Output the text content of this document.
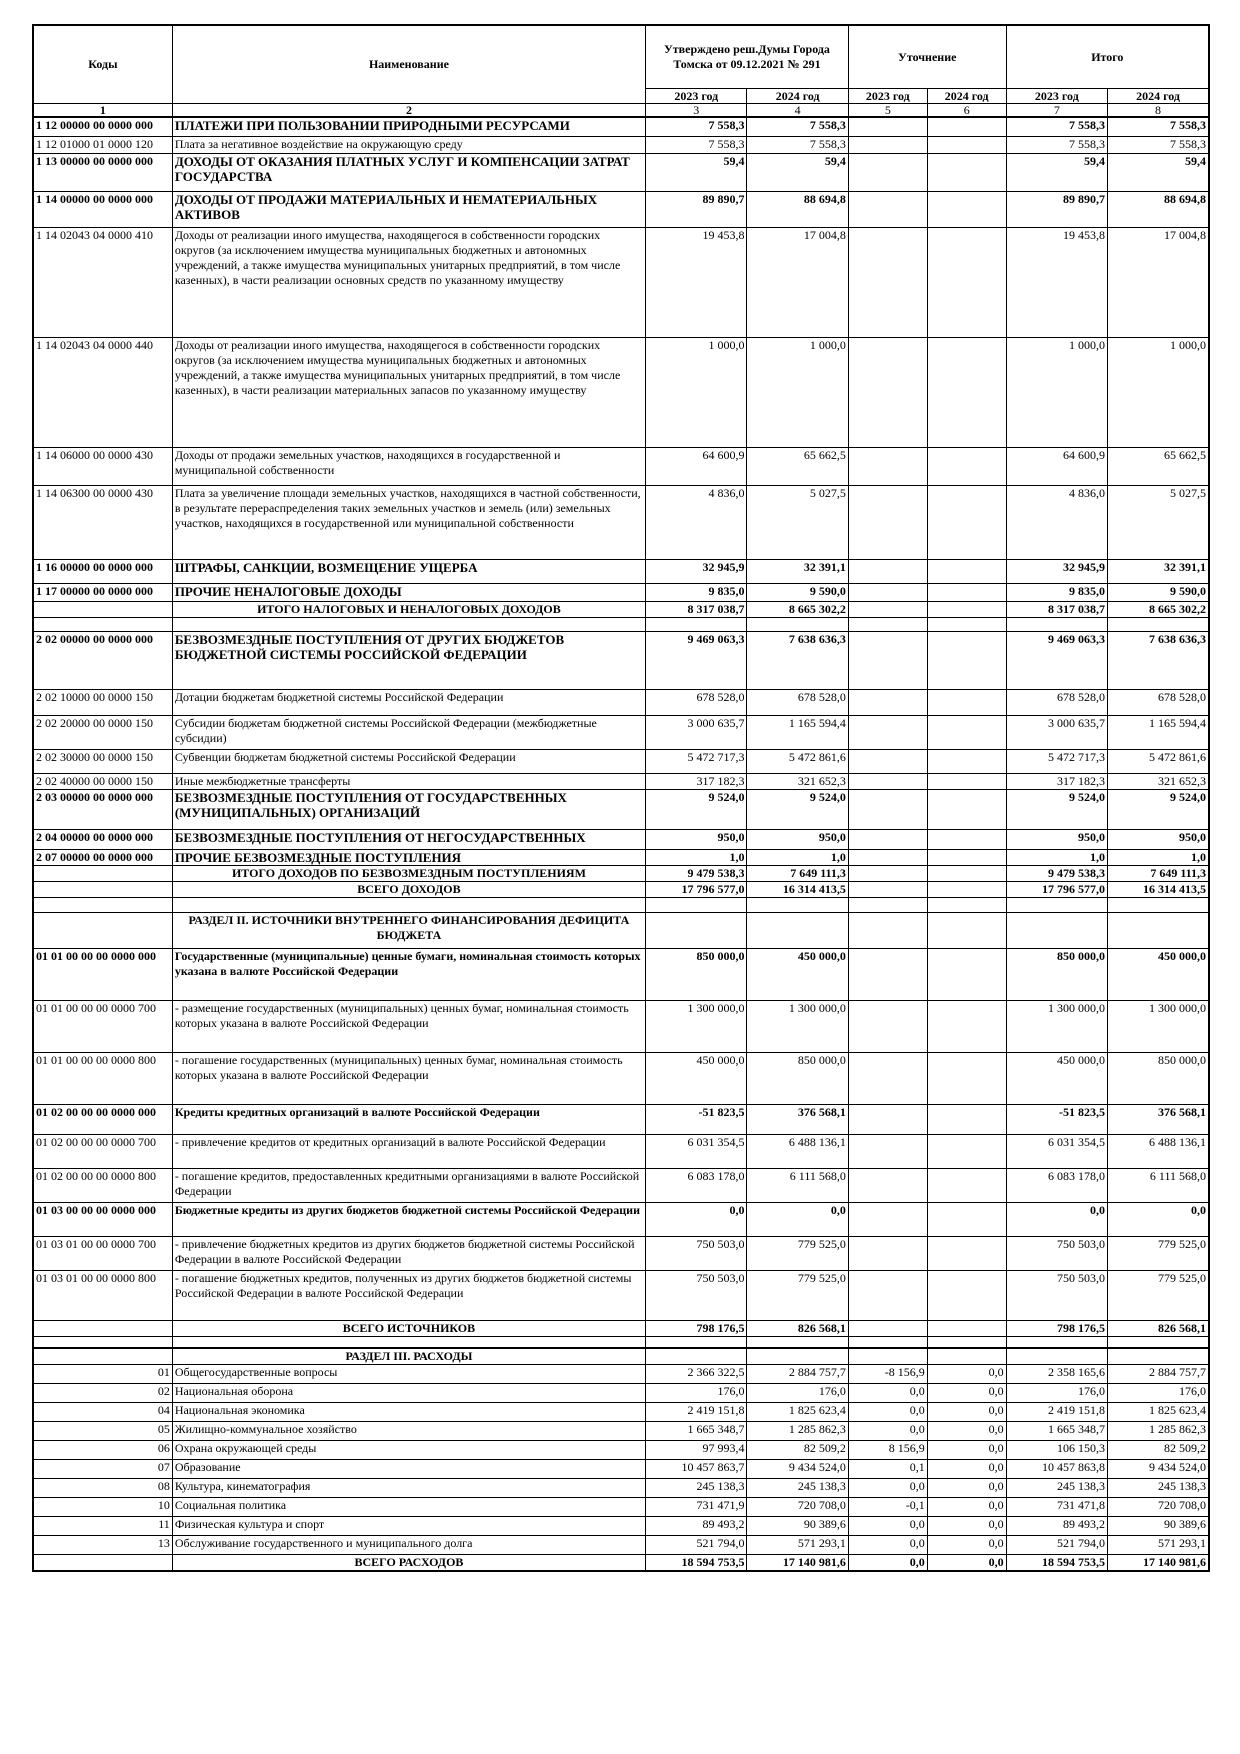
Коды	Наименование	Утверждено реш.Думы Города Томска от 09.12.2021 № 291		Уточнение		Итого	
		2023 год	2024 год	2023 год	2024 год	2023 год	2024 год
1	2	3	4	5	6	7	8
1 12 00000 00 0000 000	ПЛАТЕЖИ ПРИ ПОЛЬЗОВАНИИ ПРИРОДНЫМИ РЕСУРСАМИ	7 558,3	7 558,3			7 558,3	7 558,3
1 12 01000 01 0000 120	Плата за негативное воздействие на окружающую среду	7 558,3	7 558,3			7 558,3	7 558,3
1 13 00000 00 0000 000	ДОХОДЫ ОТ ОКАЗАНИЯ ПЛАТНЫХ УСЛУГ И КОМПЕНСАЦИИ ЗАТРАТ ГОСУДАРСТВА	59,4	59,4			59,4	59,4
1 14 00000 00 0000 000	ДОХОДЫ ОТ ПРОДАЖИ МАТЕРИАЛЬНЫХ И НЕМАТЕРИАЛЬНЫХ АКТИВОВ	89 890,7	88 694,8			89 890,7	88 694,8
1 14 02043 04 0000 410	Доходы от реализации иного имущества, находящегося в собственности городских округов (за исключением имущества муниципальных бюджетных и автономных учреждений, а также имущества муниципальных унитарных предприятий, в том числе казенных), в части реализации основных средств по указанному имуществу	19 453,8	17 004,8			19 453,8	17 004,8
1 14 02043 04 0000 440	Доходы от реализации иного имущества, находящегося в собственности городских округов (за исключением имущества муниципальных бюджетных и автономных учреждений, а также имущества муниципальных унитарных предприятий, в том числе казенных), в части реализации материальных запасов по указанному имуществу	1 000,0	1 000,0			1 000,0	1 000,0
1 14 06000 00 0000 430	Доходы от продажи земельных участков, находящихся в государственной и муниципальной собственности	64 600,9	65 662,5			64 600,9	65 662,5
1 14 06300 00 0000 430	Плата за увеличение площади земельных участков, находящихся в частной собственности, в результате перераспределения таких земельных участков и земель (или) земельных участков, находящихся в государственной или муниципальной собственности	4 836,0	5 027,5			4 836,0	5 027,5
1 16 00000 00 0000 000	ШТРАФЫ, САНКЦИИ, ВОЗМЕЩЕНИЕ УЩЕРБА	32 945,9	32 391,1			32 945,9	32 391,1
1 17 00000 00 0000 000	ПРОЧИЕ НЕНАЛОГОВЫЕ ДОХОДЫ	9 835,0	9 590,0			9 835,0	9 590,0
	ИТОГО НАЛОГОВЫХ И НЕНАЛОГОВЫХ ДОХОДОВ	8 317 038,7	8 665 302,2			8 317 038,7	8 665 302,2

2 02 00000 00 0000 000	БЕЗВОЗМЕЗДНЫЕ ПОСТУПЛЕНИЯ ОТ ДРУГИХ БЮДЖЕТОВ БЮДЖЕТНОЙ СИСТЕМЫ РОССИЙСКОЙ ФЕДЕРАЦИИ	9 469 063,3	7 638 636,3			9 469 063,3	7 638 636,3
2 02 10000 00 0000 150	Дотации бюджетам бюджетной системы Российской Федерации	678 528,0	678 528,0			678 528,0	678 528,0
2 02 20000 00 0000 150	Субсидии бюджетам бюджетной системы Российской Федерации (межбюджетные субсидии)	3 000 635,7	1 165 594,4			3 000 635,7	1 165 594,4
2 02 30000 00 0000 150	Субвенции бюджетам бюджетной системы Российской Федерации	5 472 717,3	5 472 861,6			5 472 717,3	5 472 861,6
2 02 40000 00 0000 150	Иные межбюджетные трансферты	317 182,3	321 652,3			317 182,3	321 652,3
2 03 00000 00 0000 000	БЕЗВОЗМЕЗДНЫЕ ПОСТУПЛЕНИЯ ОТ ГОСУДАРСТВЕННЫХ (МУНИЦИПАЛЬНЫХ) ОРГАНИЗАЦИЙ	9 524,0	9 524,0			9 524,0	9 524,0
2 04 00000 00 0000 000	БЕЗВОЗМЕЗДНЫЕ ПОСТУПЛЕНИЯ ОТ НЕГОСУДАРСТВЕННЫХ	950,0	950,0			950,0	950,0
2 07 00000 00 0000 000	ПРОЧИЕ БЕЗВОЗМЕЗДНЫЕ ПОСТУПЛЕНИЯ	1,0	1,0			1,0	1,0
	ИТОГО ДОХОДОВ ПО БЕЗВОЗМЕЗДНЫМ ПОСТУПЛЕНИЯМ	9 479 538,3	7 649 111,3			9 479 538,3	7 649 111,3
	ВСЕГО ДОХОДОВ	17 796 577,0	16 314 413,5			17 796 577,0	16 314 413,5

	РАЗДЕЛ II. ИСТОЧНИКИ ВНУТРЕННЕГО ФИНАНСИРОВАНИЯ ДЕФИЦИТА БЮДЖЕТА						
01 01 00 00 00 0000 000	Государственные (муниципальные) ценные бумаги, номинальная стоимость которых указана в валюте Российской Федерации	850 000,0	450 000,0			850 000,0	450 000,0
01 01 00 00 00 0000 700	- размещение государственных (муниципальных) ценных бумаг, номинальная стоимость которых указана в валюте Российской Федерации	1 300 000,0	1 300 000,0			1 300 000,0	1 300 000,0
01 01 00 00 00 0000 800	- погашение государственных (муниципальных) ценных бумаг, номинальная стоимость которых указана в валюте Российской Федерации	450 000,0	850 000,0			450 000,0	850 000,0
01 02 00 00 00 0000 000	Кредиты кредитных организаций в валюте Российской Федерации	-51 823,5	376 568,1			-51 823,5	376 568,1
01 02 00 00 00 0000 700	- привлечение кредитов от кредитных организаций в валюте Российской Федерации	6 031 354,5	6 488 136,1			6 031 354,5	6 488 136,1
01 02 00 00 00 0000 800	- погашение кредитов, предоставленных кредитными организациями в валюте Российской Федерации	6 083 178,0	6 111 568,0			6 083 178,0	6 111 568,0
01 03 00 00 00 0000 000	Бюджетные кредиты из других бюджетов бюджетной системы Российской Федерации	0,0	0,0			0,0	0,0
01 03 01 00 00 0000 700	- привлечение бюджетных кредитов из других бюджетов бюджетной системы Российской Федерации в валюте Российской Федерации	750 503,0	779 525,0			750 503,0	779 525,0
01 03 01 00 00 0000 800	- погашение бюджетных кредитов, полученных из других бюджетов бюджетной системы Российской Федерации в валюте Российской Федерации	750 503,0	779 525,0			750 503,0	779 525,0
	ВСЕГО ИСТОЧНИКОВ	798 176,5	826 568,1			798 176,5	826 568,1

	РАЗДЕЛ III. РАСХОДЫ						
01	Общегосударственные вопросы	2 366 322,5	2 884 757,7	-8 156,9	0,0	2 358 165,6	2 884 757,7
02	Национальная оборона	176,0	176,0	0,0	0,0	176,0	176,0
04	Национальная экономика	2 419 151,8	1 825 623,4	0,0	0,0	2 419 151,8	1 825 623,4
05	Жилищно-коммунальное хозяйство	1 665 348,7	1 285 862,3	0,0	0,0	1 665 348,7	1 285 862,3
06	Охрана окружающей среды	97 993,4	82 509,2	8 156,9	0,0	106 150,3	82 509,2
07	Образование	10 457 863,7	9 434 524,0	0,1	0,0	10 457 863,8	9 434 524,0
08	Культура, кинематография	245 138,3	245 138,3	0,0	0,0	245 138,3	245 138,3
10	Социальная политика	731 471,9	720 708,0	-0,1	0,0	731 471,8	720 708,0
11	Физическая культура и спорт	89 493,2	90 389,6	0,0	0,0	89 493,2	90 389,6
13	Обслуживание государственного и муниципального долга	521 794,0	571 293,1	0,0	0,0	521 794,0	571 293,1
	ВСЕГО РАСХОДОВ	18 594 753,5	17 140 981,6	0,0	0,0	18 594 753,5	17 140 981,6
